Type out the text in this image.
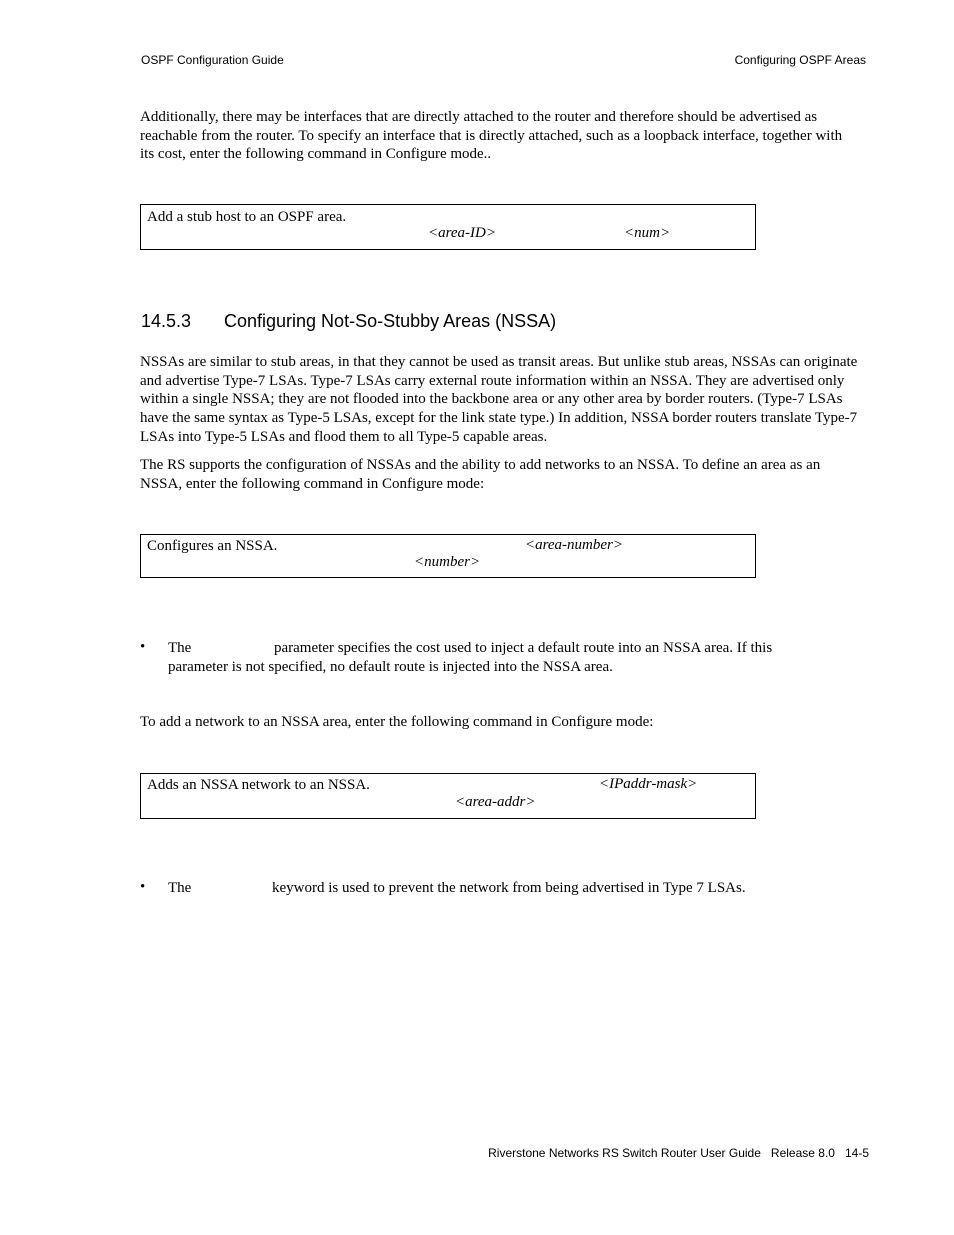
OSPF Configuration Guide	Configuring OSPF Areas
Additionally, there may be interfaces that are directly attached to the router and therefore should be advertised as
reachable from the router. To specify an interface that is directly attached, such as a loopback interface, together with
its cost, enter the following command in Configure mode..
Add a stub host to an OSPF area.
<area-ID>	<num>
14.5.3 Configuring Not-So-Stubby Areas (NSSA)
NSSAs are similar to stub areas, in that they cannot be used as transit areas. But unlike stub areas, NSSAs can originate
and advertise Type-7 LSAs. Type-7 LSAs carry external route information within an NSSA. They are advertised only
within a single NSSA; they are not flooded into the backbone area or any other area by border routers. (Type-7 LSAs
have the same syntax as Type-5 LSAs, except for the link state type.) In addition, NSSA border routers translate Type-7
LSAs into Type-5 LSAs and flood them to all Type-5 capable areas.
The RS supports the configuration of NSSAs and the ability to add networks to an NSSA. To define an area as an
NSSA, enter the following command in Configure mode:
Configures an NSSA.	<area-number>
<number>
• The	parameter specifies the cost used to inject a default route into an NSSA area. If this
parameter is not specified, no default route is injected into the NSSA area.
To add a network to an NSSA area, enter the following command in Configure mode:
Adds an NSSA network to an NSSA.	<IPaddr-mask>
<area-addr>
• The	keyword is used to prevent the network from being advertised in Type 7 LSAs.
Riverstone Networks RS Switch Router User Guide Release 8.0 14-5
